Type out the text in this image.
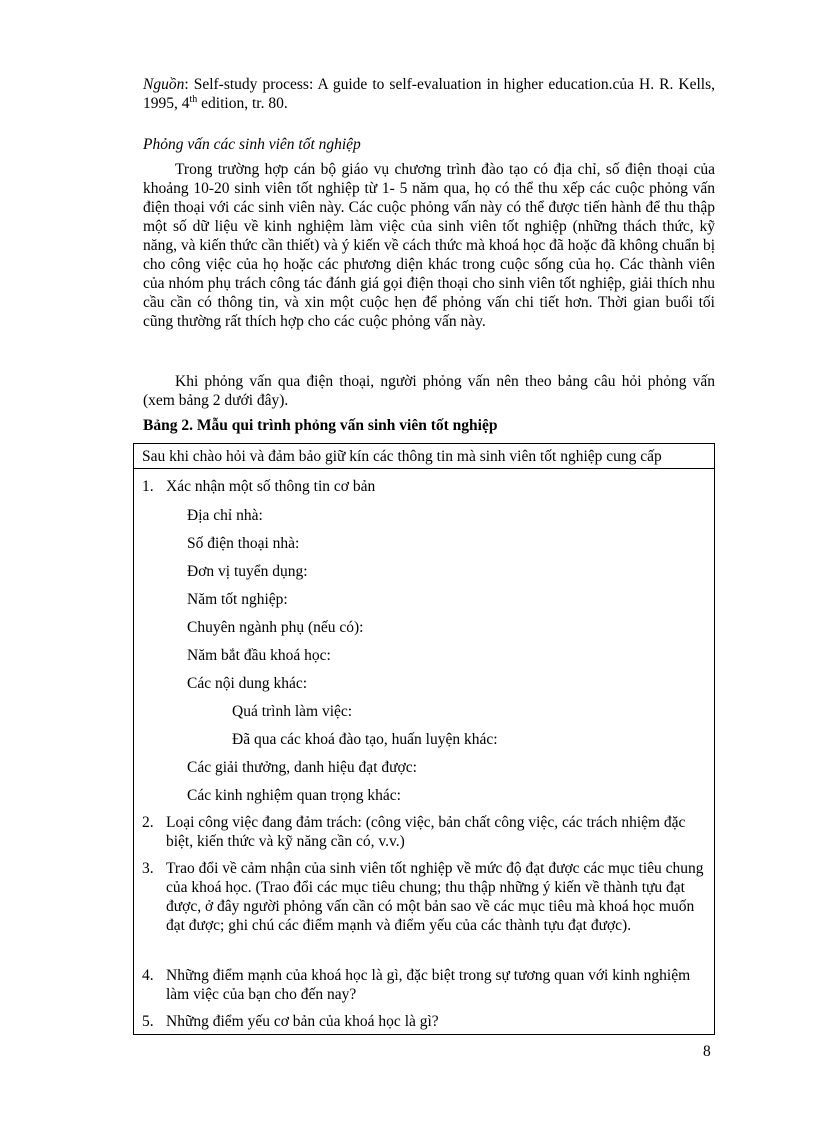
Nguồn: Self-study process: A guide to self-evaluation in higher education.của H. R. Kells, 1995, 4th edition, tr. 80.

Phỏng vấn các sinh viên tốt nghiệp

Trong trường hợp cán bộ giáo vụ chương trình đào tạo có địa chỉ, số điện thoại của khoảng 10-20 sinh viên tốt nghiệp từ 1- 5 năm qua, họ có thể thu xếp các cuộc phỏng vấn điện thoại với các sinh viên này. Các cuộc phỏng vấn này có thể được tiến hành để thu thập một số dữ liệu về kinh nghiệm làm việc của sinh viên tốt nghiệp (những thách thức, kỹ năng, và kiến thức cần thiết) và ý kiến về cách thức mà khoá học đã hoặc đã không chuẩn bị cho công việc của họ hoặc các phương diện khác trong cuộc sống của họ. Các thành viên của nhóm phụ trách công tác đánh giá gọi điện thoại cho sinh viên tốt nghiệp, giải thích nhu cầu cần có thông tin, và xin một cuộc hẹn để phỏng vấn chi tiết hơn. Thời gian buổi tối cũng thường rất thích hợp cho các cuộc phỏng vấn này.

Khi phỏng vấn qua điện thoại, người phỏng vấn nên theo bảng câu hỏi phỏng vấn (xem bảng 2 dưới đây).

Bảng 2. Mẫu qui trình phỏng vấn sinh viên tốt nghiệp

Sau khi chào hỏi và đảm bảo giữ kín các thông tin mà sinh viên tốt nghiệp cung cấp
1. Xác nhận một số thông tin cơ bản
Địa chỉ nhà:
Số điện thoại nhà:
Đơn vị tuyển dụng:
Năm tốt nghiệp:
Chuyên ngành phụ (nếu có):
Năm bắt đầu khoá học:
Các nội dung khác:
Quá trình làm việc:
Đã qua các khoá đào tạo, huấn luyện khác:
Các giải thưởng, danh hiệu đạt được:
Các kinh nghiệm quan trọng khác:
2. Loại công việc đang đảm trách: (công việc, bản chất công việc, các trách nhiệm đặc biệt, kiến thức và kỹ năng cần có, v.v.)
3. Trao đổi về cảm nhận của sinh viên tốt nghiệp về mức độ đạt được các mục tiêu chung của khoá học. (Trao đổi các mục tiêu chung; thu thập những ý kiến về thành tựu đạt được, ở đây người phỏng vấn cần có một bản sao về các mục tiêu mà khoá học muốn đạt được; ghi chú các điểm mạnh và điểm yếu của các thành tựu đạt được).
4. Những điểm mạnh của khoá học là gì, đặc biệt trong sự tương quan với kinh nghiệm làm việc của bạn cho đến nay?
5. Những điểm yếu cơ bản của khoá học là gì?
8
